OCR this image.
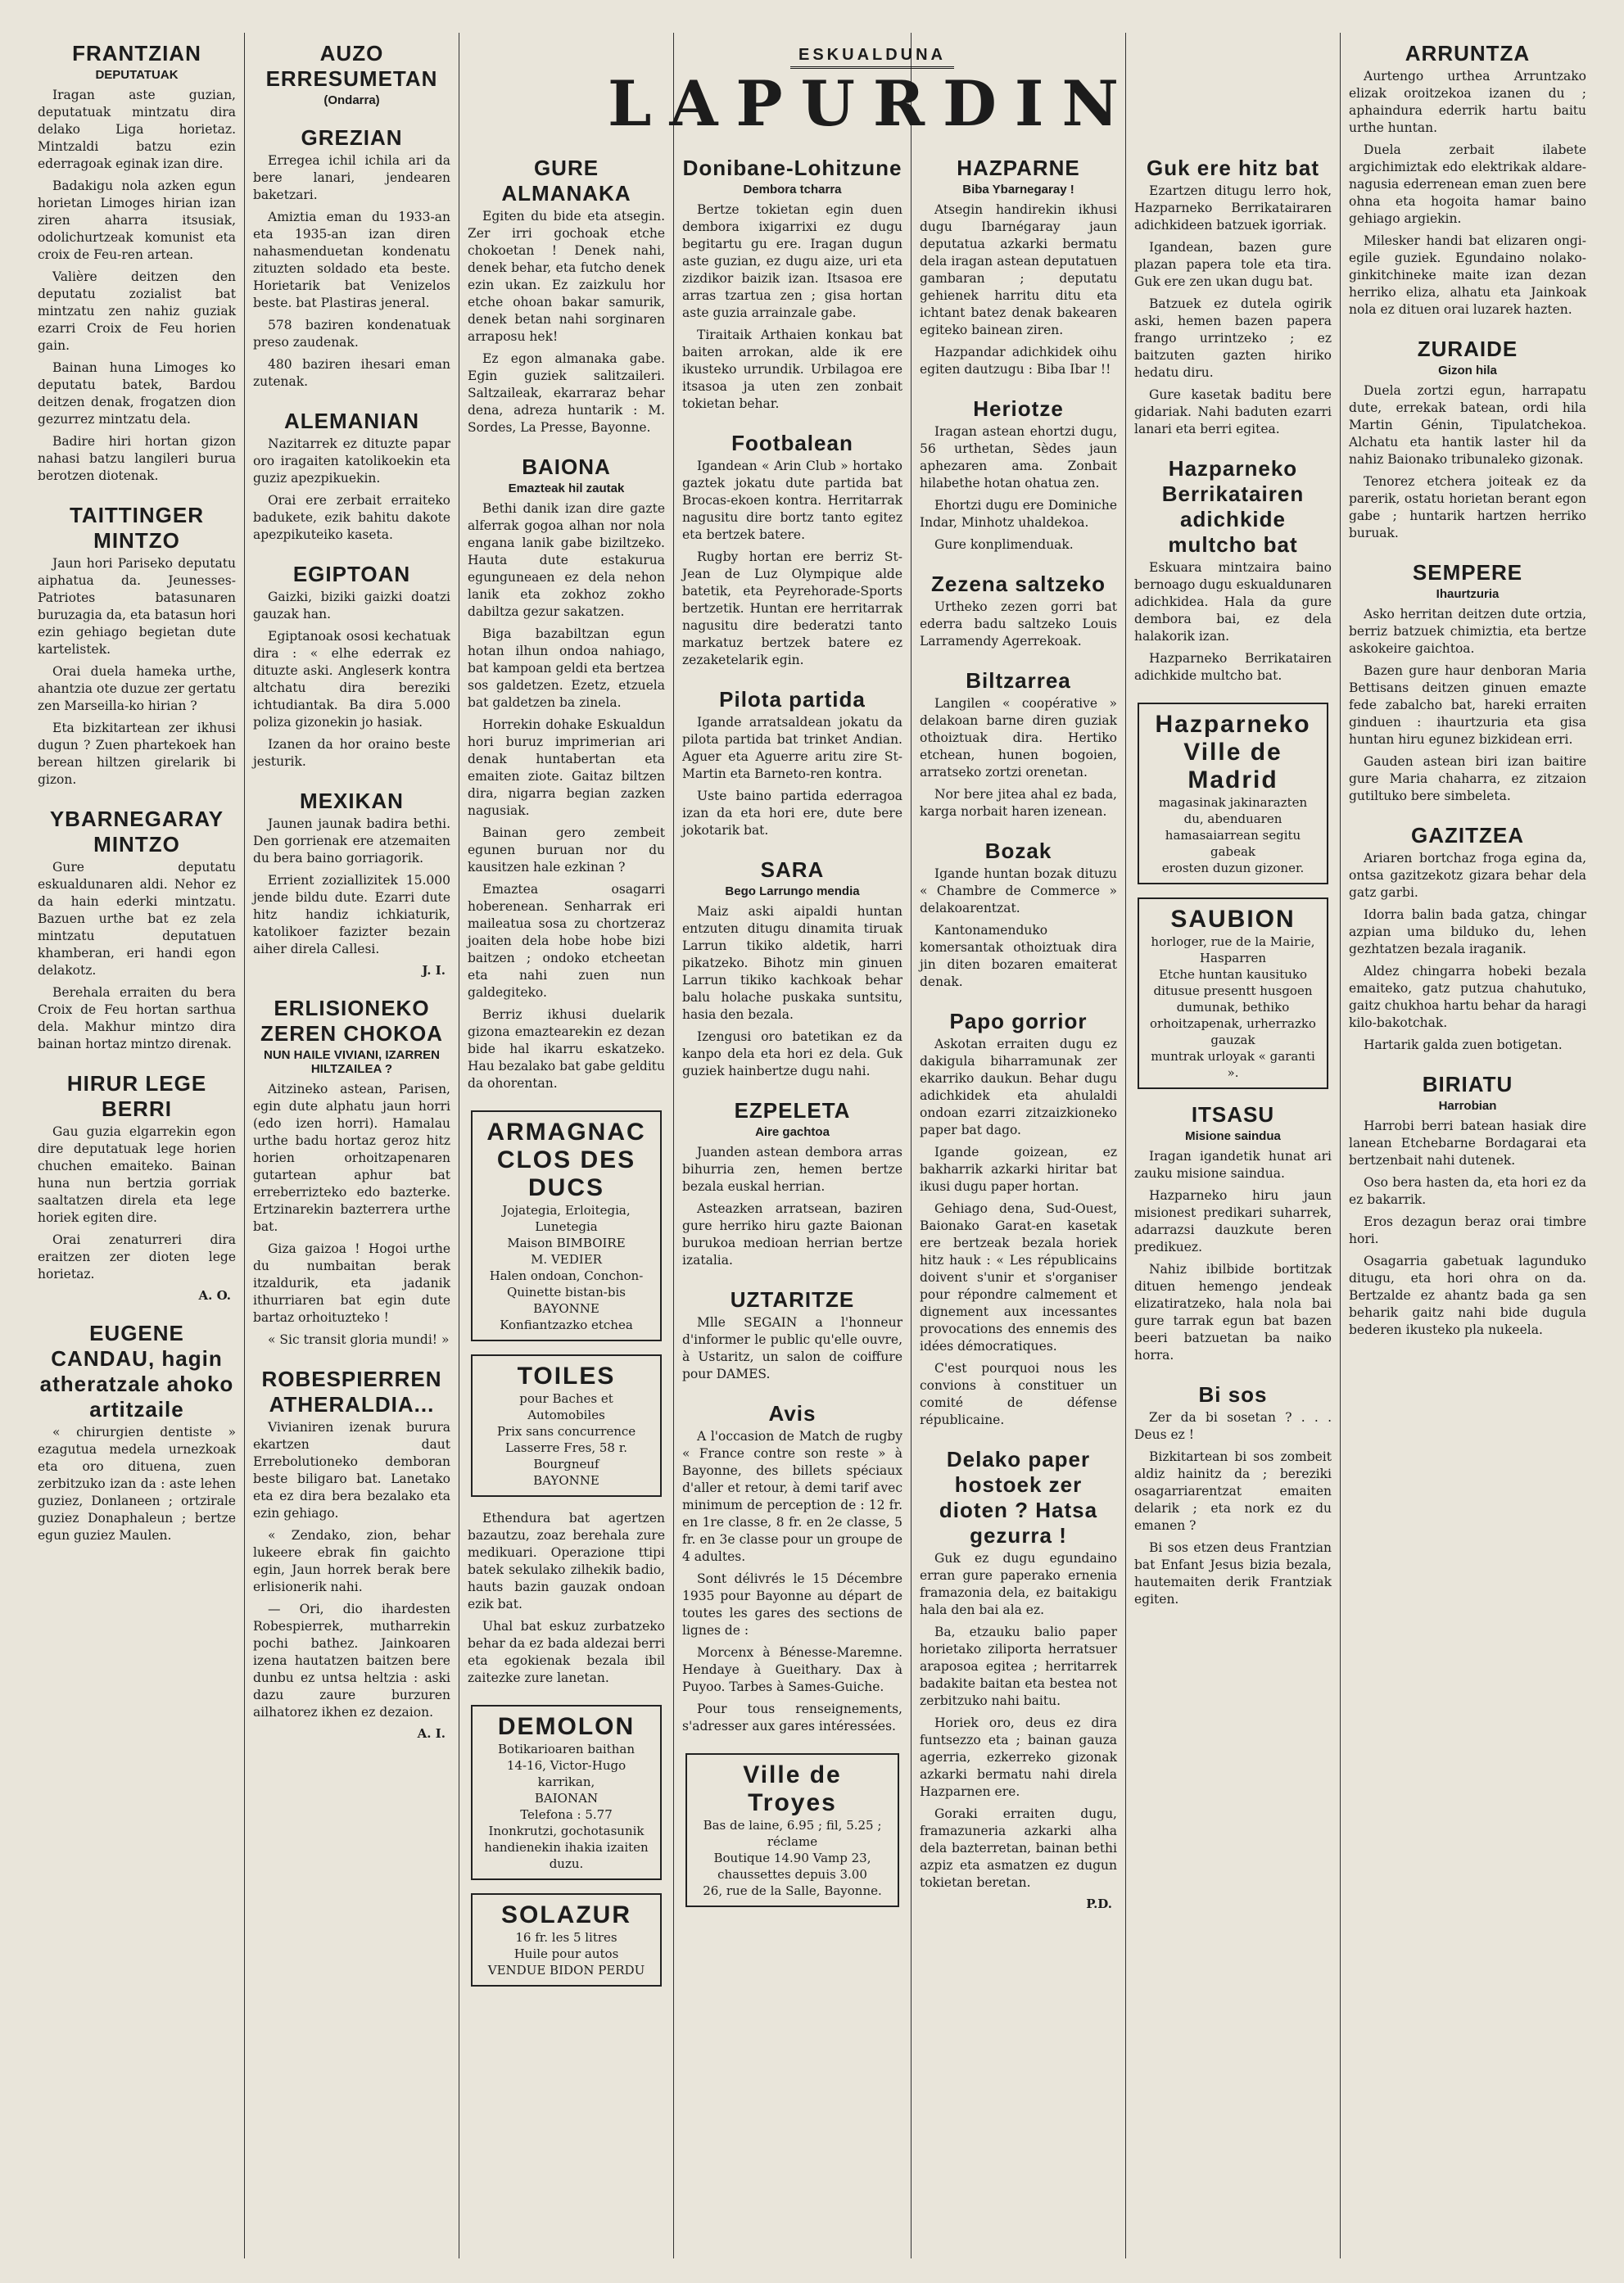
FRANTZIAN
DEPUTATUAK

Iragan aste guzian, deputatuak mintzatu dira delako Liga horietaz. Mintzaldi batzu ezin ederragoak eginak izan dire.

Badakigu nola azken egun horietan Limoges hirian izan ziren aharra itsusiak, odolichurtzeak komunist eta croix de Feu-ren artean.

Valière deitzen den deputatu zozialist bat mintzatu zen nahiz guziak ezarri Croix de Feu horien gain.

Bainan huna Limoges ko deputatu batek, Bardou deitzen denak, frogatzen dion gezurrez mintzatu dela.

Badire hiri hortan gizon nahasi batzu langileri burua berotzen diotenak.

TAITTINGER MINTZO

Jaun hori Pariseko deputatu aiphatua da. Jeunesses-Patriotes batasunaren buruzagia da, eta batasun hori ezin gehiago begietan dute kartelistek.

Orai duela hameka urthe, ahantzia ote duzue zer gertatu zen Marseilla-ko hirian ?

Eta bizkitartean zer ikhusi dugun ? Zuen phartekoek han berean hiltzen girelarik bi gizon.

YBARNEGARAY MINTZO

Gure deputatu eskualdunaren aldi. Nehor ez da hain ederki mintzatu. Bazuen urthe bat ez zela mintzatu deputatuen khamberan, eri handi egon delakotz.

Berehala erraiten du bera Croix de Feu hortan sarthua dela. Makhur mintzo dira bainan hortaz mintzo direnak.

HIRUR LEGE BERRI

Gau guzia elgarrekin egon dire deputatuak lege horien chuchen emaiteko. Bainan huna nun bertzia gorriak saaltatzen direla eta lege horiek egiten dire.

Orai zenaturreri dira eraitzen zer dioten lege horietaz.

A. O.
EUGENE CANDAU, hagin atheratzale ahoko artitzaile

« chirurgien dentiste » ezagutua medela urnezkoak eta oro dituena, zuen zerbitzuko izan da : aste lehen guziez, Donlaneen ; ortzirale guziez Donaphaleun ; bertze egun guziez Maulen.

AUZO ERRESUMETAN
(Ondarra)
GREZIAN

Erregea ichil ichila ari da bere lanari, jendearen baketzari.

Amiztia eman du 1933-an eta 1935-an izan diren nahasmenduetan kondenatu zituzten soldado eta beste. Horietarik bat Venizelos beste. bat Plastiras jeneral.

578 baziren kondenatuak preso zaudenak.

480 baziren ihesari eman zutenak.

ALEMANIAN

Nazitarrek ez dituzte papar oro iragaiten katolikoekin eta guziz apezpikuekin.

Orai ere zerbait erraiteko badukete, ezik bahitu dakote apezpikuteiko kaseta.

EGIPTOAN

Gaizki, biziki gaizki doatzi gauzak han.

Egiptanoak ososi kechatuak dira : « elhe ederrak ez dituzte aski. Angleserk kontra altchatu dira bereziki ichtudiantak. Ba dira 5.000 poliza gizonekin jo hasiak.

Izanen da hor oraino beste jesturik.

MEXIKAN

Jaunen jaunak badira bethi. Den gorrienak ere atzemaiten du bera baino gorriagorik.

Errient zoziallizitek 15.000 jende bildu dute. Ezarri dute hitz handiz ichkiaturik, katolikoer fazizter bezain aiher direla Callesi.

J. I.
ERLISIONEKO ZEREN CHOKOA
NUN HAILE VIVIANI, IZARREN HILTZAILEA ?

Aitzineko astean, Parisen, egin dute alphatu jaun horri (edo izen horri). Hamalau urthe badu hortaz geroz hitz horien orhoitzapenaren gutartean aphur bat erreberrizteko edo bazterke. Ertzinarekin bazterrera urthe bat.

Giza gaizoa ! Hogoi urthe du numbaitan berak itzaldurik, eta jadanik ithurriaren bat egin dute bartaz orhoituzteko !

« Sic transit gloria mundi! »

ROBESPIERREN ATHERALDIA...

Vivianiren izenak burura ekartzen daut Errebolutioneko demboran beste biligaro bat. Lanetako eta ez dira bera bezalako eta ezin gehiago.

« Zendako, zion, behar lukeere ebrak fin gaichto egin, Jaun horrek berak bere erlisionerik nahi.

— Ori, dio ihardesten Robespierrek, mutharrekin pochi bathez. Jainkoaren izena hautatzen baitzen bere dunbu ez untsa heltzia : aski dazu zaure burzuren ailhatorez ikhen ez dezaion.

A. I.
GURE ALMANAKA

Egiten du bide eta atsegin. Zer irri gochoak etche chokoetan ! Denek nahi, denek behar, eta futcho denek ezin ukan. Ez zaizkulu hor etche ohoan bakar samurik, denek betan nahi sorginaren arraposu hek!

Ez egon almanaka gabe. Egin guziek salitzaileri. Saltzaileak, ekarraraz behar dena, adreza huntarik : M. Sordes, La Presse, Bayonne.

BAIONA
Emazteak hil zautak

Bethi danik izan dire gazte alferrak gogoa alhan nor nola engana lanik gabe biziltzeko. Hauta dute estakurua egunguneaen ez dela nehon lanik eta zokhoz zokho dabiltza gezur sakatzen.

Biga bazabiltzan egun hotan ilhun ondoa nahiago, bat kampoan geldi eta bertzea sos galdetzen. Ezetz, etzuela bat galdetzen ba zinela.

Horrekin dohake Eskualdun hori buruz imprimerian ari denak huntabertan eta emaiten ziote. Gaitaz biltzen dira, nigarra begian zazken nagusiak.

Bainan gero zembeit egunen buruan nor du kausitzen hale ezkinan ?

Emaztea osagarri hoberenean. Senharrak eri maileatua sosa zu chortzeraz joaiten dela hobe hobe bizi baitzen ; ondoko etcheetan eta nahi zuen nun galdegiteko.

Berriz ikhusi duelarik gizona emaztearekin ez dezan bide hal ikarru eskatzeko. Hau bezalako bat gabe gelditu da ohorentan.

ARMAGNAC CLOS DES DUCS
Jojategia, Erloitegia, Lunetegia
Maison BIMBOIRE
M. VEDIER
Halen ondoan, Conchon-Quinette bistan-bis
BAYONNE
Konfiantzazko etchea
TOILES
pour Baches et Automobiles
Prix sans concurrence
Lasserre Fres, 58 r. Bourgneuf
BAYONNE

Ethendura bat agertzen bazautzu, zoaz berehala zure medikuari. Operazione ttipi batek sekulako zilhekik badio, hauts bazin gauzak ondoan ezik bat.

Uhal bat eskuz zurbatzeko behar da ez bada aldezai berri eta egokienak bezala ibil zaitezke zure lanetan.

DEMOLON
Botikarioaren baithan
14-16, Victor-Hugo karrikan,
BAIONAN
Telefona : 5.77
Inonkrutzi, gochotasunik handienekin ihakia izaiten duzu.
SOLAZUR
16 fr. les 5 litres
Huile pour autos
VENDUE BIDON PERDU
Donibane-Lohitzune
Dembora tcharra

Bertze tokietan egin duen dembora ixigarrixi ez dugu begitartu gu ere. Iragan dugun aste guzian, ez dugu aize, uri eta zizdikor baizik izan. Itsasoa ere arras tzartua zen ; gisa hortan aste guzia arrainzale gabe.

Tiraitaik Arthaien konkau bat baiten arrokan, alde ik ere ikusteko urrundik. Urbilagoa ere itsasoa ja uten zen zonbait tokietan behar.

Footbalean

Igandean « Arin Club » hortako gaztek jokatu dute partida bat Brocas-ekoen kontra. Herritarrak nagusitu dire bortz tanto egitez eta bertzek batere.

Rugby hortan ere berriz St-Jean de Luz Olympique alde batetik, eta Peyrehorade-Sports bertzetik. Huntan ere herritarrak nagusitu dire bederatzi tanto markatuz bertzek batere ez zezaketelarik egin.

Pilota partida

Igande arratsaldean jokatu da pilota partida bat trinket Andian. Aguer eta Aguerre aritu zire St-Martin eta Barneto-ren kontra.

Uste baino partida ederragoa izan da eta hori ere, dute bere jokotarik bat.

SARA
Bego Larrungo mendia

Maiz aski aipaldi huntan entzuten ditugu dinamita tiruak Larrun tikiko aldetik, harri pikatzeko. Bihotz min ginuen Larrun tikiko kachkoak behar balu holache puskaka suntsitu, hasia den bezala.

Izengusi oro batetikan ez da kanpo dela eta hori ez dela. Guk guziek hainbertze dugu nahi.

EZPELETA
Aire gachtoa

Juanden astean dembora arras bihurria zen, hemen bertze bezala euskal herrian.

Asteazken arratsean, baziren gure herriko hiru gazte Baionan burukoa medioan herrian bertze izatalia.

UZTARITZE

Mlle SEGAIN a l'honneur d'informer le public qu'elle ouvre, à Ustaritz, un salon de coiffure pour DAMES.

Avis

A l'occasion de Match de rugby « France contre son reste » à Bayonne, des billets spéciaux d'aller et retour, à demi tarif avec minimum de perception de : 12 fr. en 1re classe, 8 fr. en 2e classe, 5 fr. en 3e classe pour un groupe de 4 adultes.

Sont délivrés le 15 Décembre 1935 pour Bayonne au départ de toutes les gares des sections de lignes de :

Morcenx à Bénesse-Maremne. Hendaye à Gueithary. Dax à Puyoo. Tarbes à Sames-Guiche.

Pour tous renseignements, s'adresser aux gares intéressées.

Ville de Troyes
Bas de laine, 6.95 ; fil, 5.25 ; réclame
Boutique 14.90 Vamp 23, chaussettes depuis 3.00
26, rue de la Salle, Bayonne.
HAZPARNE
Biba Ybarnegaray !

Atsegin handirekin ikhusi dugu Ibarnégaray jaun deputatua azkarki bermatu dela iragan astean deputatuen gambaran ; deputatu gehienek harritu ditu eta ichtant batez denak bakearen egiteko bainean ziren.

Hazpandar adichkidek oihu egiten dautzugu : Biba Ibar !!

Heriotze

Iragan astean ehortzi dugu, 56 urthetan, Sèdes jaun aphezaren ama. Zonbait hilabethe hotan ohatua zen.

Ehortzi dugu ere Dominiche Indar, Minhotz uhaldekoa.

Gure konplimenduak.

Zezena saltzeko

Urtheko zezen gorri bat ederra badu saltzeko Louis Larramendy Agerrekoak.

Biltzarrea

Langilen « coopérative » delakoan barne diren guziak othoiztuak dira. Hertiko etchean, hunen bogoien, arratseko zortzi orenetan.

Nor bere jitea ahal ez bada, karga norbait haren izenean.

Bozak

Igande huntan bozak dituzu « Chambre de Commerce » delakoarentzat.

Kantonamenduko komersantak othoiztuak dira jin diten bozaren emaiterat denak.

Papo gorrior

Askotan erraiten dugu ez dakigula biharramunak zer ekarriko daukun. Behar dugu adichkidek eta ahulaldi ondoan ezarri zitzaizkioneko paper bat dago.

Igande goizean, ez bakharrik azkarki hiritar bat ikusi dugu paper hortan.

Gehiago dena, Sud-Ouest, Baionako Garat-en kasetak ere bertzeak bezala horiek hitz hauk : « Les républicains doivent s'unir et s'organiser pour répondre calmement et dignement aux incessantes provocations des ennemis des idées démocratiques.

C'est pourquoi nous les convions à constituer un comité de défense républicaine.

Delako paper hostoek zer dioten ? Hatsa gezurra !

Guk ez dugu egundaino erran gure paperako ernenia framazonia dela, ez baitakigu hala den bai ala ez.

Ba, etzauku balio paper horietako ziliporta herratsuer araposoa egitea ; herritarrek badakite baitan eta bestea not zerbitzuko nahi baitu.

Horiek oro, deus ez dira funtsezzo eta ; bainan gauza agerria, ezkerreko gizonak azkarki bermatu nahi direla Hazparnen ere.

Goraki erraiten dugu, framazuneria azkarki alha dela bazterretan, bainan bethi azpiz eta asmatzen ez dugun tokietan beretan.

P.D.
Guk ere hitz bat

Ezartzen ditugu lerro hok, Hazparneko Berrikatairaren adichkideen batzuek igorriak.

Igandean, bazen gure plazan papera tole eta tira. Guk ere zen ukan dugu bat.

Batzuek ez dutela ogirik aski, hemen bazen papera frango urrintzeko ; ez baitzuten gazten hiriko hedatu diru.

Gure kasetak baditu bere gidariak. Nahi baduten ezarri lanari eta berri egitea.

Hazparneko Berrikatairen adichkide multcho bat

Eskuara mintzaira baino bernoago dugu eskualdunaren adichkidea. Hala da gure dembora bai, ez dela halakorik izan.

Hazparneko Berrikatairen adichkide multcho bat.

Hazparneko Ville de Madrid
magasinak jakinarazten du, abenduaren hamasaiarrean segitu gabeak
erosten duzun gizoner.
SAUBION
horloger, rue de la Mairie, Hasparren
Etche huntan kausituko ditusue presentt husgoen dumunak, bethiko orhoitzapenak, urherrazko gauzak
muntrak urloyak « garanti ».
ITSASU
Misione saindua

Iragan igandetik hunat ari zauku misione saindua.

Hazparneko hiru jaun misionest predikari suharrek, adarrazsi dauzkute beren predikuez.

Nahiz ibilbide bortitzak dituen hemengo jendeak elizatiratzeko, hala nola bai gure tarrak egun bat bazen beeri batzuetan ba naiko horra.

Bi sos

Zer da bi sosetan ? . . . Deus ez !

Bizkitartean bi sos zombeit aldiz hainitz da ; bereziki osagarriarentzat emaiten delarik ; eta nork ez du emanen ?

Bi sos etzen deus Frantzian bat Enfant Jesus bizia bezala, hautemaiten derik Frantziak egiten.

ARRUNTZA

Aurtengo urthea Arruntzako elizak oroitzekoa izanen du ; aphaindura ederrik hartu baitu urthe huntan.

Duela zerbait ilabete argichimiztak edo elektrikak aldare-nagusia ederrenean eman zuen bere ohna eta hogoita hamar baino gehiago argiekin.

Milesker handi bat elizaren ongi-egile guziek. Egundaino nolako-ginkitchineke maite izan dezan herriko eliza, alhatu eta Jainkoak nola ez dituen orai luzarek hazten.

ZURAIDE
Gizon hila

Duela zortzi egun, harrapatu dute, errekak batean, ordi hila Martin Génin, Tipulatchekoa. Alchatu eta hantik laster hil da nahiz Baionako tribunaleko gizonak.

Tenorez etchera joiteak ez da parerik, ostatu horietan berant egon gabe ; huntarik hartzen herriko buruak.

SEMPERE
Ihaurtzuria

Asko herritan deitzen dute ortzia, berriz batzuek chimiztia, eta bertze askokeire gaichtoa.

Bazen gure haur denboran Maria Bettisans deitzen ginuen emazte fede zabalcho bat, hareki erraiten ginduen : ihaurtzuria eta gisa huntan hiru egunez bizkidean erri.

Gauden astean biri izan baitire gure Maria chaharra, ez zitzaion gutiltuko bere simbeleta.

GAZITZEA

Ariaren bortchaz froga egina da, ontsa gazitzekotz gizara behar dela gatz garbi.

Idorra balin bada gatza, chingar azpian uma bilduko du, lehen gezhtatzen bezala iraganik.

Aldez chingarra hobeki bezala emaiteko, gatz putzua chahutuko, gaitz chukhoa hartu behar da haragi kilo-bakotchak.

Hartarik galda zuen botigetan.

BIRIATU
Harrobian

Harrobi berri batean hasiak dire lanean Etchebarne Bordagarai eta bertzenbait nahi dutenek.

Oso bera hasten da, eta hori ez da ez bakarrik.

Eros dezagun beraz orai timbre hori.

Osagarria gabetuak lagunduko ditugu, eta hori ohra on da. Bertzalde ez ahantz bada ga sen beharik gaitz nahi bide dugula bederen ikusteko pla nukeela.

ESKUALDUNA
LAPURDIN
